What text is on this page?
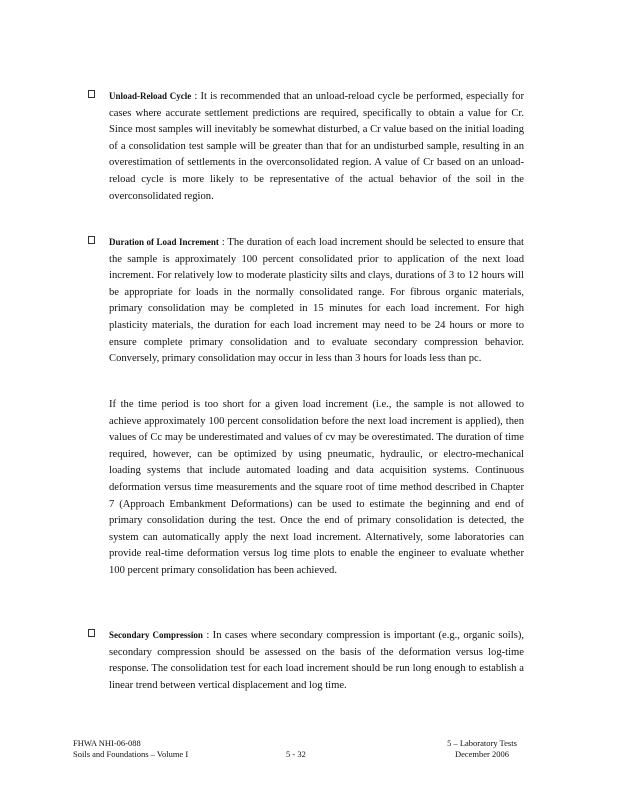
Unload-Reload Cycle : It is recommended that an unload-reload cycle be performed, especially for cases where accurate settlement predictions are required, specifically to obtain a value for Cr. Since most samples will inevitably be somewhat disturbed, a Cr value based on the initial loading of a consolidation test sample will be greater than that for an undisturbed sample, resulting in an overestimation of settlements in the overconsolidated region. A value of Cr based on an unload-reload cycle is more likely to be representative of the actual behavior of the soil in the overconsolidated region.

Duration of Load Increment : The duration of each load increment should be selected to ensure that the sample is approximately 100 percent consolidated prior to application of the next load increment. For relatively low to moderate plasticity silts and clays, durations of 3 to 12 hours will be appropriate for loads in the normally consolidated range. For fibrous organic materials, primary consolidation may be completed in 15 minutes for each load increment. For high plasticity materials, the duration for each load increment may need to be 24 hours or more to ensure complete primary consolidation and to evaluate secondary compression behavior. Conversely, primary consolidation may occur in less than 3 hours for loads less than pc.

If the time period is too short for a given load increment (i.e., the sample is not allowed to achieve approximately 100 percent consolidation before the next load increment is applied), then values of Cc may be underestimated and values of cv may be overestimated. The duration of time required, however, can be optimized by using pneumatic, hydraulic, or electro-mechanical loading systems that include automated loading and data acquisition systems. Continuous deformation versus time measurements and the square root of time method described in Chapter 7 (Approach Embankment Deformations) can be used to estimate the beginning and end of primary consolidation during the test. Once the end of primary consolidation is detected, the system can automatically apply the next load increment. Alternatively, some laboratories can provide real-time deformation versus log time plots to enable the engineer to evaluate whether 100 percent primary consolidation has been achieved.

Secondary Compression : In cases where secondary compression is important (e.g., organic soils), secondary compression should be assessed on the basis of the deformation versus log-time response. The consolidation test for each load increment should be run long enough to establish a linear trend between vertical displacement and log time.

FHWA NHI-06-088
Soils and Foundations – Volume I	5 - 32
5 – Laboratory Tests
December 2006
